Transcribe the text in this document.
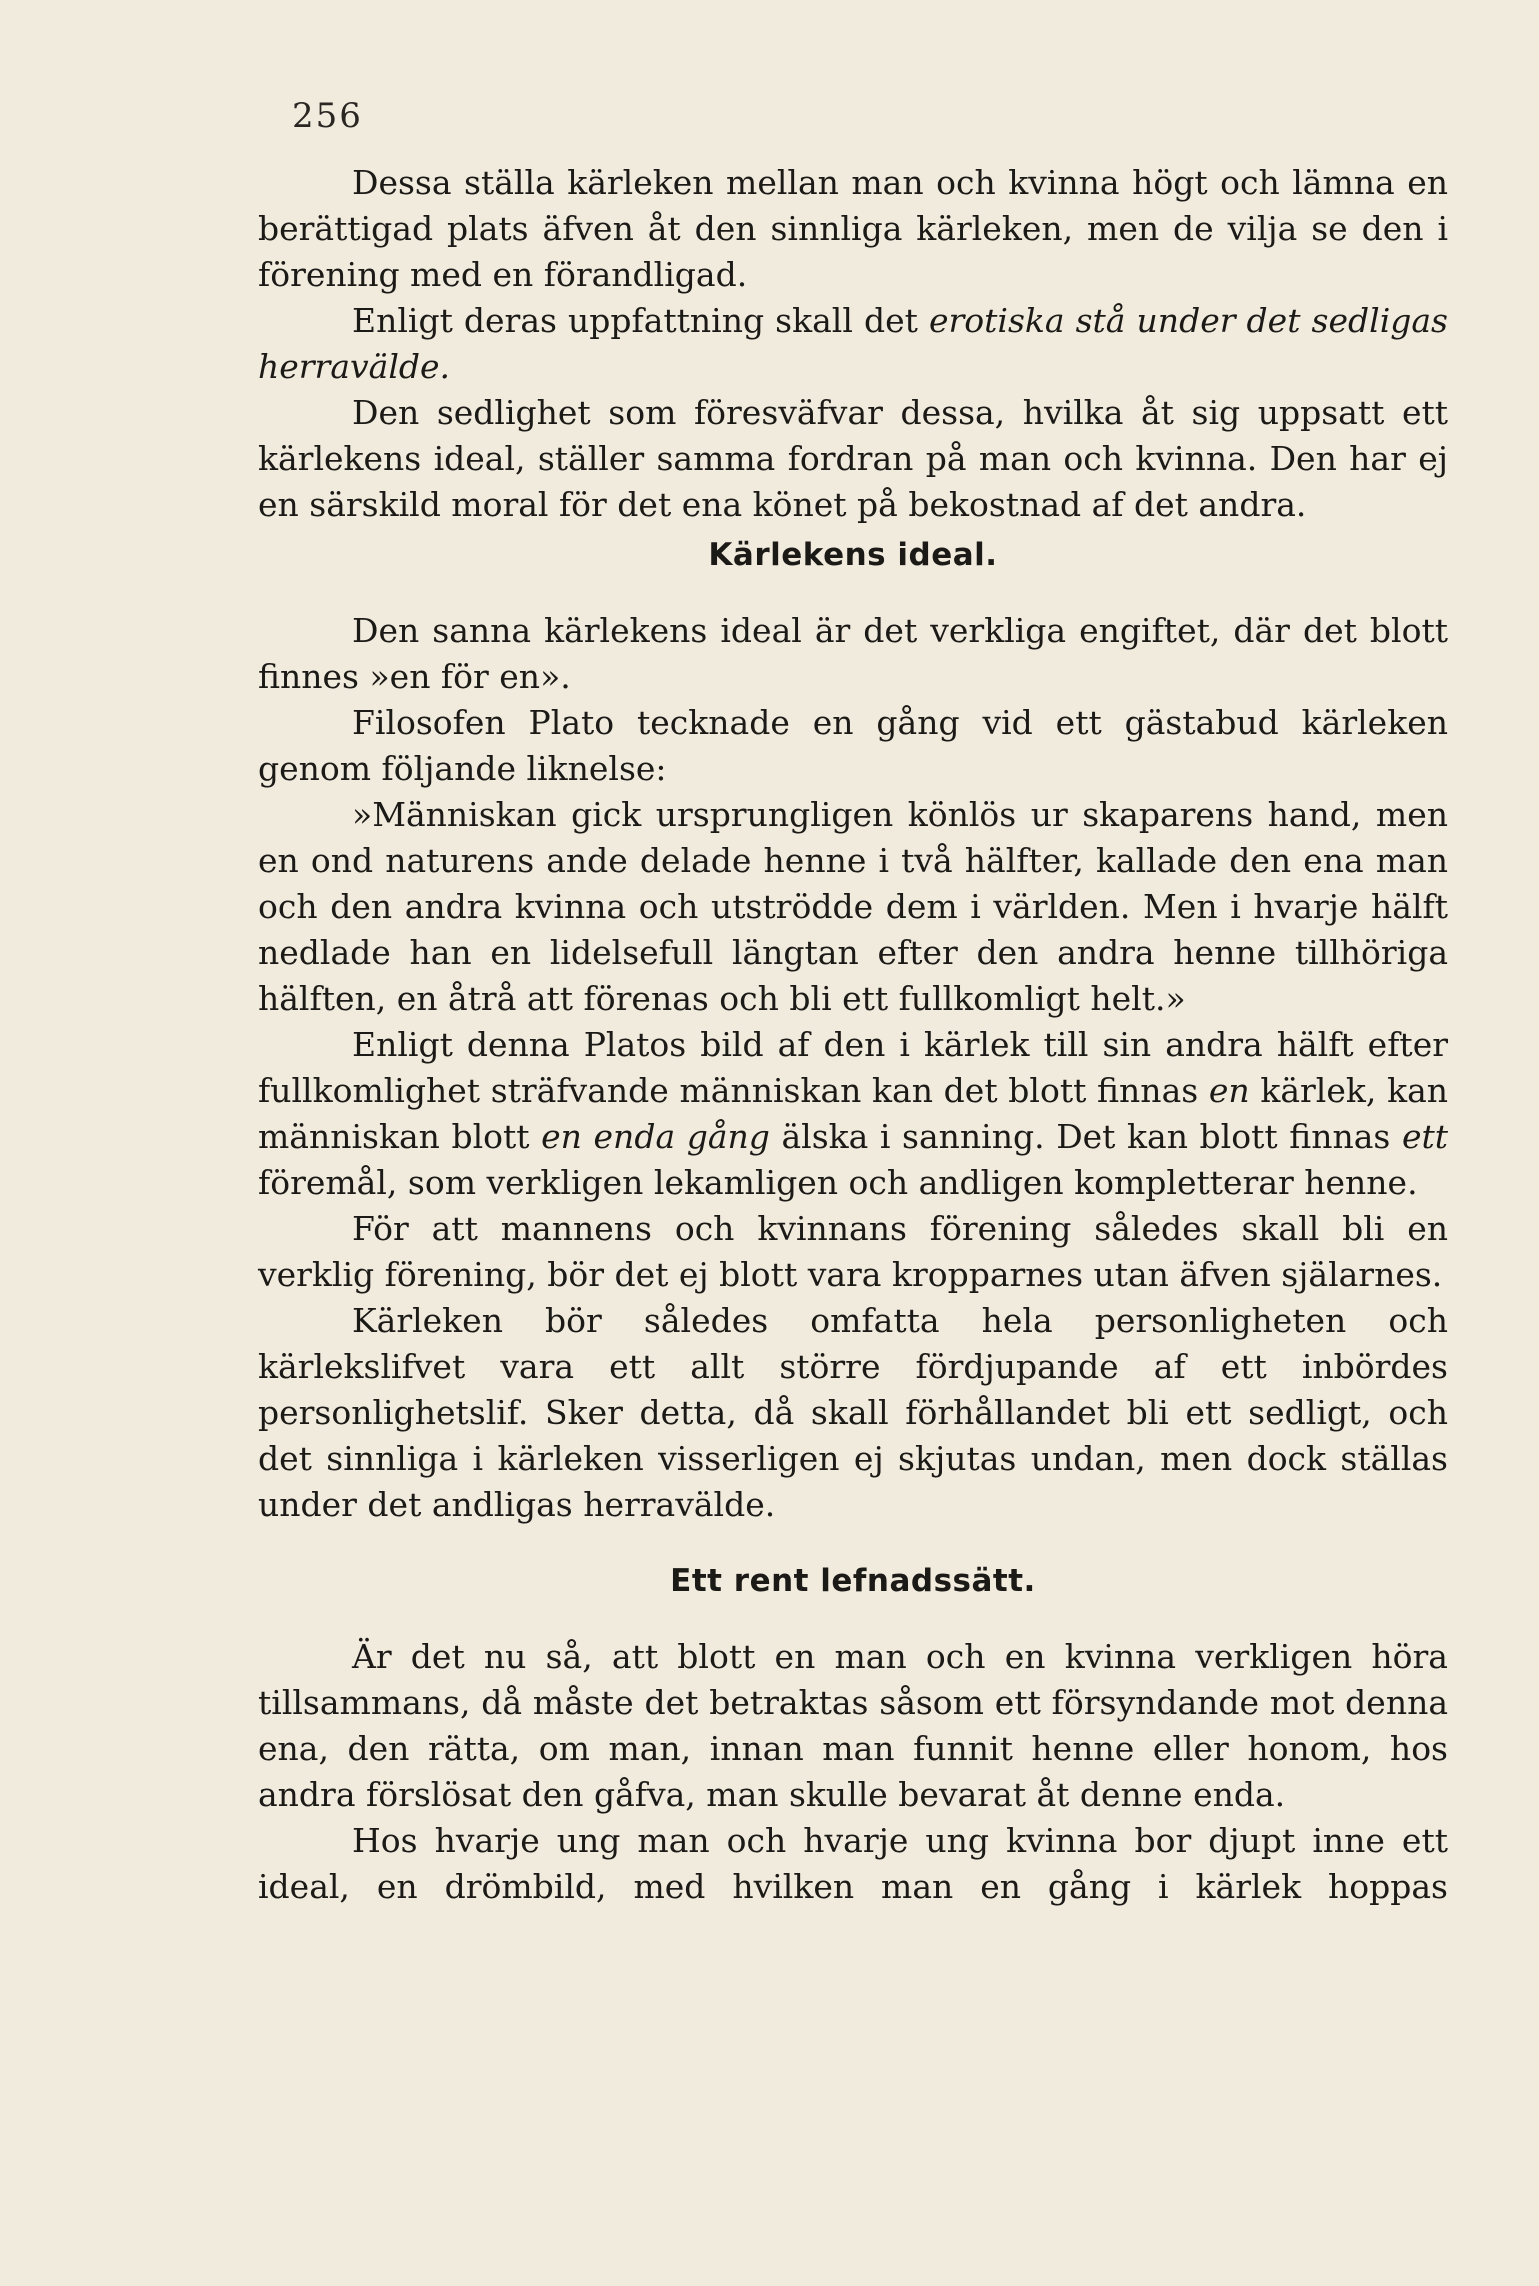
256

Dessa ställa kärleken mellan man och kvinna högt och lämna en berättigad plats äfven åt den sinnliga kärleken, men de vilja se den i förening med en förandligad.

Enligt deras uppfattning skall det erotiska stå under det sedligas herravälde.

Den sedlighet som föresväfvar dessa, hvilka åt sig uppsatt ett kärlekens ideal, ställer samma fordran på man och kvinna. Den har ej en särskild moral för det ena könet på bekostnad af det andra.

Kärlekens ideal.

Den sanna kärlekens ideal är det verkliga engiftet, där det blott finnes »en för en».

Filosofen Plato tecknade en gång vid ett gästabud kärleken genom följande liknelse:

»Människan gick ursprungligen könlös ur skaparens hand, men en ond naturens ande delade henne i två hälfter, kallade den ena man och den andra kvinna och utströdde dem i världen. Men i hvarje hälft nedlade han en lidelsefull längtan efter den andra henne tillhöriga hälften, en åtrå att förenas och bli ett fullkomligt helt.»

Enligt denna Platos bild af den i kärlek till sin andra hälft efter fullkomlighet sträfvande människan kan det blott finnas en kärlek, kan människan blott en enda gång älska i sanning. Det kan blott finnas ett föremål, som verkligen lekamligen och andligen kompletterar henne.

För att mannens och kvinnans förening således skall bli en verklig förening, bör det ej blott vara kropparnes utan äfven själarnes.

Kärleken bör således omfatta hela personligheten och kärlekslifvet vara ett allt större fördjupande af ett inbördes personlighetslif. Sker detta, då skall förhållandet bli ett sedligt, och det sinnliga i kärleken visserligen ej skjutas undan, men dock ställas under det andligas herravälde.

Ett rent lefnadssätt.

Är det nu så, att blott en man och en kvinna verkligen höra tillsammans, då måste det betraktas såsom ett försyndande mot denna ena, den rätta, om man, innan man funnit henne eller honom, hos andra förslösat den gåfva, man skulle bevarat åt denne enda.

Hos hvarje ung man och hvarje ung kvinna bor djupt inne ett ideal, en drömbild, med hvilken man en gång i kärlek hoppas
